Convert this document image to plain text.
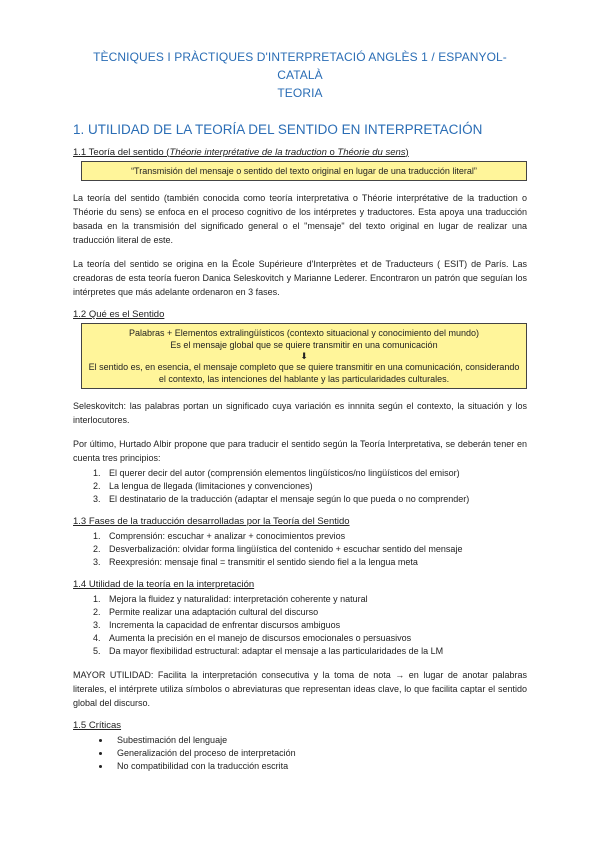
TÈCNIQUES I PRÀCTIQUES D'INTERPRETACIÓ ANGLÈS 1 / ESPANYOL-CATALÀ
TEORIA

1. UTILIDAD DE LA TEORÍA DEL SENTIDO EN INTERPRETACIÓN
1.1 Teoría del sentido (Théorie interprétative de la traduction o Théorie du sens)
“Transmisión del mensaje o sentido del texto original en lugar de una traducción literal”

La teoría del sentido (también conocida como teoría interpretativa o Théorie interprétative de la traduction o Théorie du sens) se enfoca en el proceso cognitivo de los intérpretes y traductores. Esta apoya una traducción basada en la transmisión del significado general o el "mensaje" del texto original en lugar de realizar una traducción literal de este.

La teoría del sentido se origina en la École Supérieure d'Interprètes et de Traducteurs ( ESIT) de París. Las creadoras de esta teoría fueron Danica Seleskovitch y Marianne Lederer. Encontraron un patrón que seguían los intérpretes que más adelante ordenaron en 3 fases.

1.2 Qué es el Sentido
Palabras + Elementos extralingüísticos (contexto situacional y conocimiento del mundo)
Es el mensaje global que se quiere transmitir en una comunicación
⬇
El sentido es, en esencia, el mensaje completo que se quiere transmitir en una comunicación, considerando el contexto, las intenciones del hablante y las particularidades culturales.

Seleskovitch: las palabras portan un significado cuya variación es innnita según el contexto, la situación y los interlocutores.

Por último, Hurtado Albir propone que para traducir el sentido según la Teoría Interpretativa, se deberán tener en cuenta tres principios:

1. El querer decir del autor (comprensión elementos lingüísticos/no lingüísticos del emisor)
2. La lengua de llegada (limitaciones y convenciones)
3. El destinatario de la traducción (adaptar el mensaje según lo que pueda o no comprender)
1.3 Fases de la traducción desarrolladas por la Teoría del Sentido
1. Comprensión: escuchar + analizar + conocimientos previos
2. Desverbalización: olvidar forma lingüística del contenido + escuchar sentido del mensaje
3. Reexpresión: mensaje final = transmitir el sentido siendo fiel a la lengua meta
1.4 Utilidad de la teoría en la interpretación
1. Mejora la fluidez y naturalidad: interpretación coherente y natural
2. Permite realizar una adaptación cultural del discurso
3. Incrementa la capacidad de enfrentar discursos ambiguos
4. Aumenta la precisión en el manejo de discursos emocionales o persuasivos
5. Da mayor flexibilidad estructural: adaptar el mensaje a las particularidades de la LM

MAYOR UTILIDAD: Facilita la interpretación consecutiva y la toma de nota → en lugar de anotar palabras literales, el intérprete utiliza símbolos o abreviaturas que representan ideas clave, lo que facilita captar el sentido global del discurso.

1.5 Críticas
• Subestimación del lenguaje
• Generalización del proceso de interpretación
• No compatibilidad con la traducción escrita
